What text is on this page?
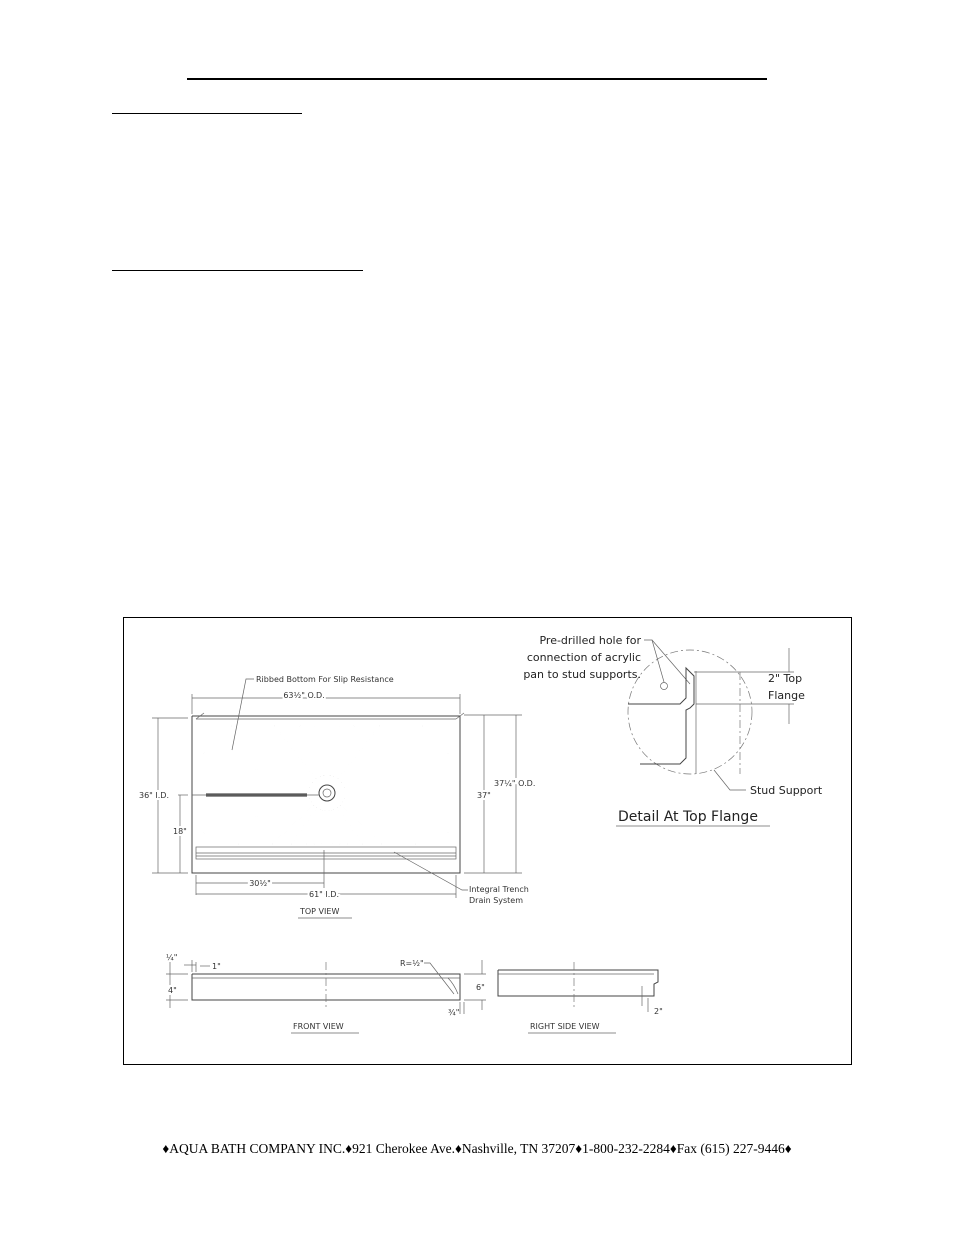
Ribbed Bottom For Slip Resistance
63½" O.D.
36" I.D.
18"
37¼" O.D.
37"
30½"
61" I.D.
Integral Trench
Drain System
TOP VIEW
Pre-drilled hole for
connection of acrylic
pan to stud supports.	2" Top
Flange
Stud Support
Detail At Top Flange
¼"
1"
4"
R=½"
6"
¾"
FRONT VIEW
2"
RIGHT SIDE VIEW
♦AQUA BATH COMPANY INC.♦921 Cherokee Ave.♦Nashville, TN 37207♦1-800-232-2284♦Fax (615) 227-9446♦
